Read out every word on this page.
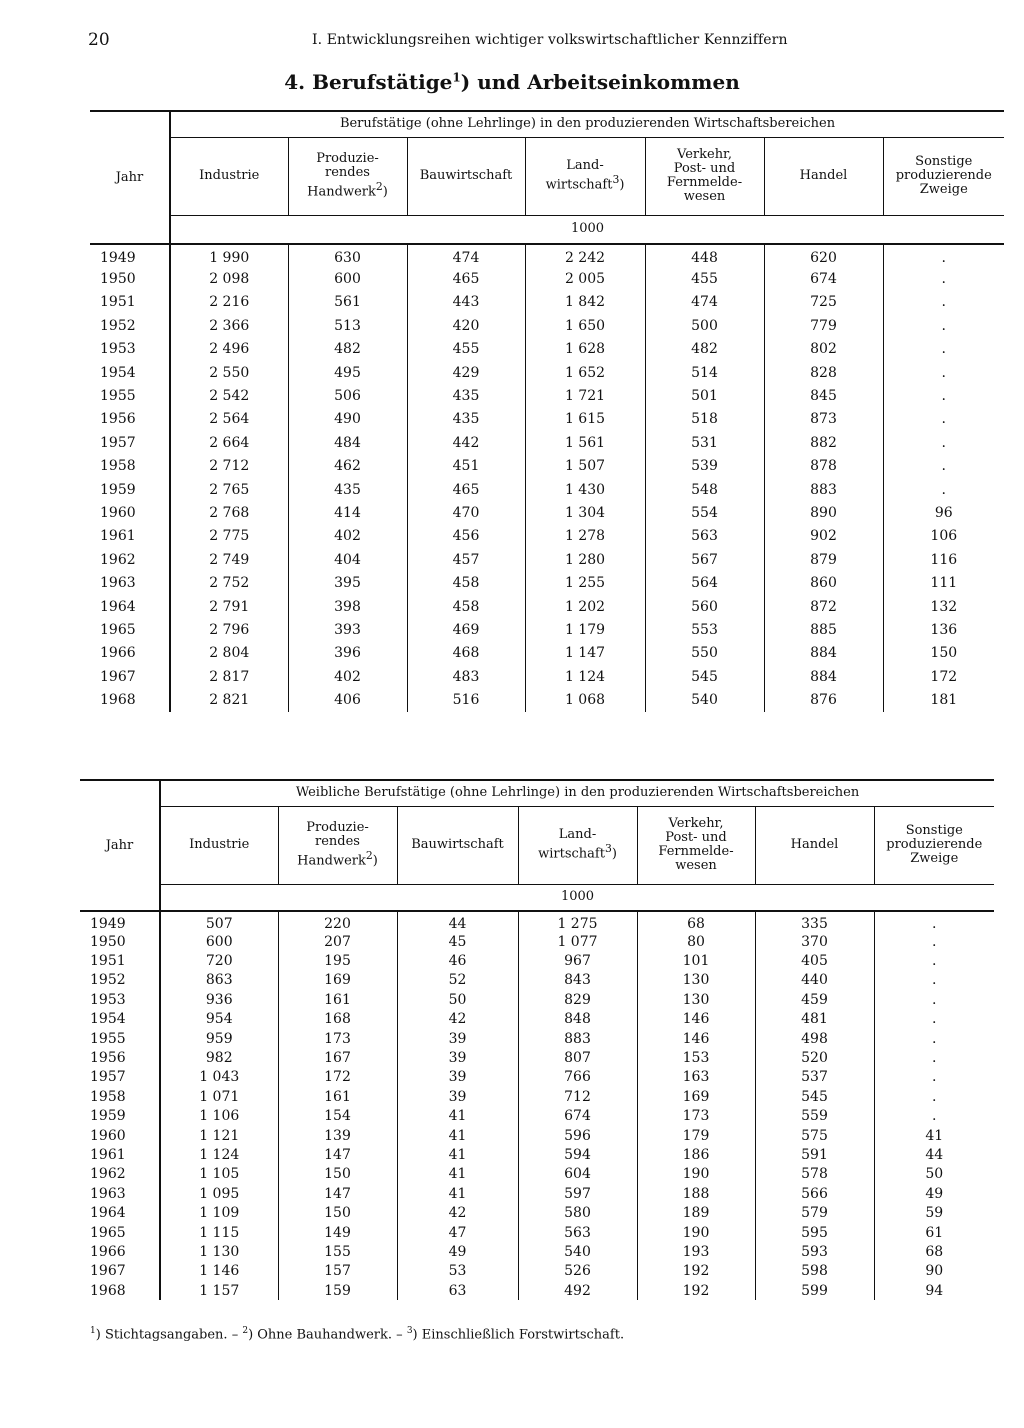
20	I. Entwicklungsreihen wichtiger volkswirtschaftlicher Kennziffern
4. Berufstätige$^1$) und Arbeitseinkommen
Jahr	Berufstätige (ohne Lehrlinge) in den produzierenden Wirtschaftsbereichen						
	Industrie	Produzie-
rendes
Handwerk$^2$)	Bauwirtschaft	Land-
wirtschaft$^3$)	Verkehr,
Post- und
Fernmelde-
wesen	Handel	Sonstige
produzierende
Zweige
	1000						

1949	1 990	630	474	2 242	448	620	.
1950	2 098	600	465	2 005	455	674	.
1951	2 216	561	443	1 842	474	725	.
1952	2 366	513	420	1 650	500	779	.
1953	2 496	482	455	1 628	482	802	.
1954	2 550	495	429	1 652	514	828	.
1955	2 542	506	435	1 721	501	845	.
1956	2 564	490	435	1 615	518	873	.
1957	2 664	484	442	1 561	531	882	.
1958	2 712	462	451	1 507	539	878	.
1959	2 765	435	465	1 430	548	883	.
1960	2 768	414	470	1 304	554	890	96
1961	2 775	402	456	1 278	563	902	106
1962	2 749	404	457	1 280	567	879	116
1963	2 752	395	458	1 255	564	860	111
1964	2 791	398	458	1 202	560	872	132
1965	2 796	393	469	1 179	553	885	136
1966	2 804	396	468	1 147	550	884	150
1967	2 817	402	483	1 124	545	884	172
1968	2 821	406	516	1 068	540	876	181
Jahr	Weibliche Berufstätige (ohne Lehrlinge) in den produzierenden Wirtschaftsbereichen						
	Industrie	Produzie-
rendes
Handwerk$^2$)	Bauwirtschaft	Land-
wirtschaft$^3$)	Verkehr,
Post- und
Fernmelde-
wesen	Handel	Sonstige
produzierende
Zweige
	1000						

1949	507	220	44	1 275	68	335	.
1950	600	207	45	1 077	80	370	.
1951	720	195	46	967	101	405	.
1952	863	169	52	843	130	440	.
1953	936	161	50	829	130	459	.
1954	954	168	42	848	146	481	.
1955	959	173	39	883	146	498	.
1956	982	167	39	807	153	520	.
1957	1 043	172	39	766	163	537	.
1958	1 071	161	39	712	169	545	.
1959	1 106	154	41	674	173	559	.
1960	1 121	139	41	596	179	575	41
1961	1 124	147	41	594	186	591	44
1962	1 105	150	41	604	190	578	50
1963	1 095	147	41	597	188	566	49
1964	1 109	150	42	580	189	579	59
1965	1 115	149	47	563	190	595	61
1966	1 130	155	49	540	193	593	68
1967	1 146	157	53	526	192	598	90
1968	1 157	159	63	492	192	599	94
$^1$) Stichtagsangaben. – $^2$) Ohne Bauhandwerk. – $^3$) Einschließlich Forstwirtschaft.
